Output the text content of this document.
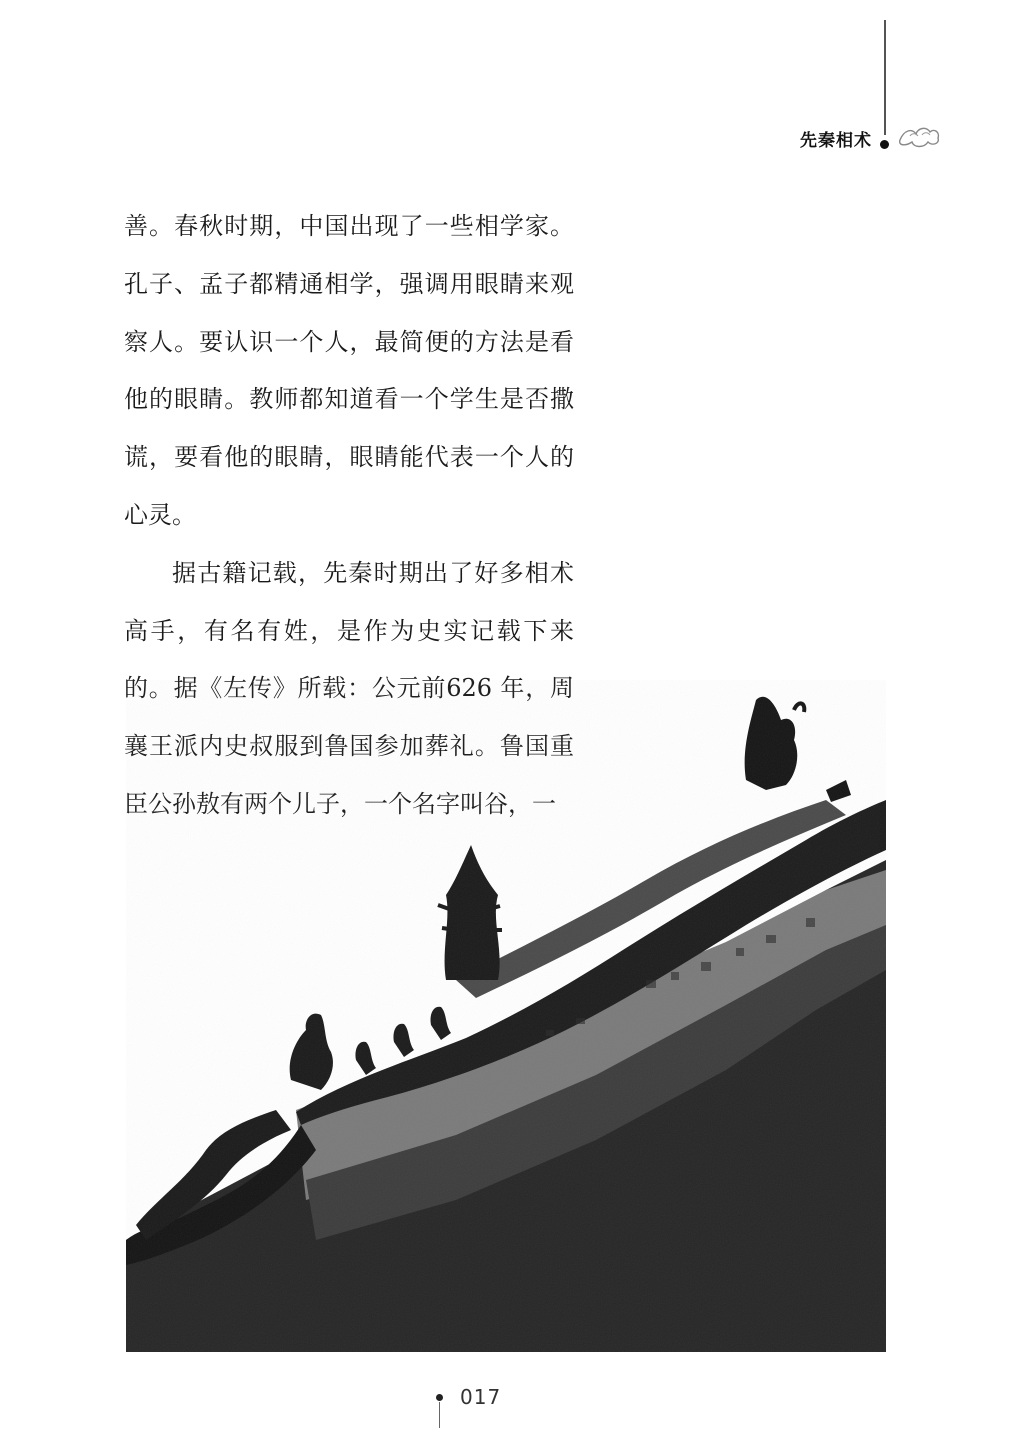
先秦相术

善。春秋时期，中国出现了一些相学家。孔子、孟子都精通相学，强调用眼睛来观察人。要认识一个人，最简便的方法是看他的眼睛。教师都知道看一个学生是否撒谎，要看他的眼睛，眼睛能代表一个人的心灵。

据古籍记载，先秦时期出了好多相术高手，有名有姓，是作为史实记载下来的。据《左传》所载：公元前626 年，周襄王派内史叔服到鲁国参加葬礼。鲁国重臣公孙敖有两个儿子，一个名字叫谷，一

017
